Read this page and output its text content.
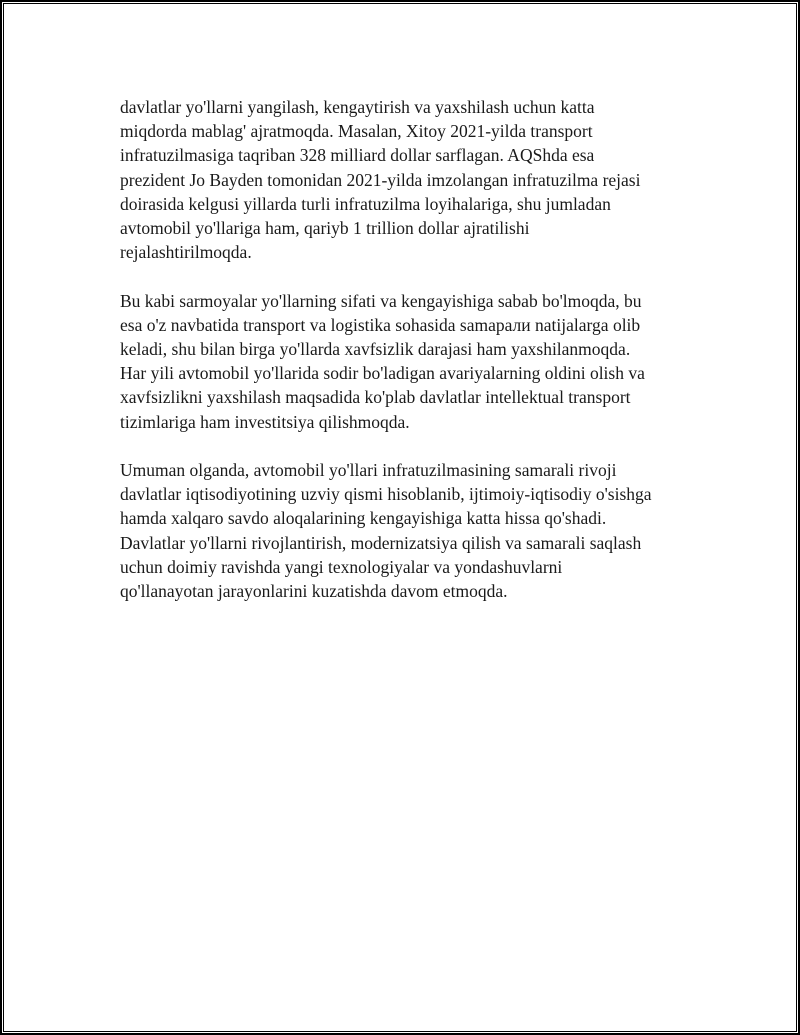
davlatlar yo'llarni yangilash, kengaytirish va yaxshilash uchun katta
miqdorda mablag' ajratmoqda. Masalan, Xitoy 2021-yilda transport
infratuzilmasiga taqriban 328 milliard dollar sarflagan. AQShda esa
prezident Jo Bayden tomonidan 2021-yilda imzolangan infratuzilma rejasi
doirasida kelgusi yillarda turli infratuzilma loyihalariga, shu jumladan
avtomobil yo'llariga ham, qariyb 1 trillion dollar ajratilishi
rejalashtirilmoqda.

Bu kabi sarmoyalar yo'llarning sifati va kengayishiga sabab bo'lmoqda, bu
esa o'z navbatida transport va logistika sohasida samaрали natijalarga olib
keladi, shu bilan birga yo'llarda xavfsizlik darajasi ham yaxshilanmoqda.
Har yili avtomobil yo'llarida sodir bo'ladigan avariyalarning oldini olish va
xavfsizlikni yaxshilash maqsadida ko'plab davlatlar intellektual transport
tizimlariga ham investitsiya qilishmoqda.

Umuman olganda, avtomobil yo'llari infratuzilmasining samarali rivoji
davlatlar iqtisodiyotining uzviy qismi hisoblanib, ijtimoiy-iqtisodiy o'sishga
hamda xalqaro savdo aloqalarining kengayishiga katta hissa qo'shadi.
Davlatlar yo'llarni rivojlantirish, modernizatsiya qilish va samarali saqlash
uchun doimiy ravishda yangi texnologiyalar va yondashuvlarni
qo'llanayotan jarayonlarini kuzatishda davom etmoqda.
